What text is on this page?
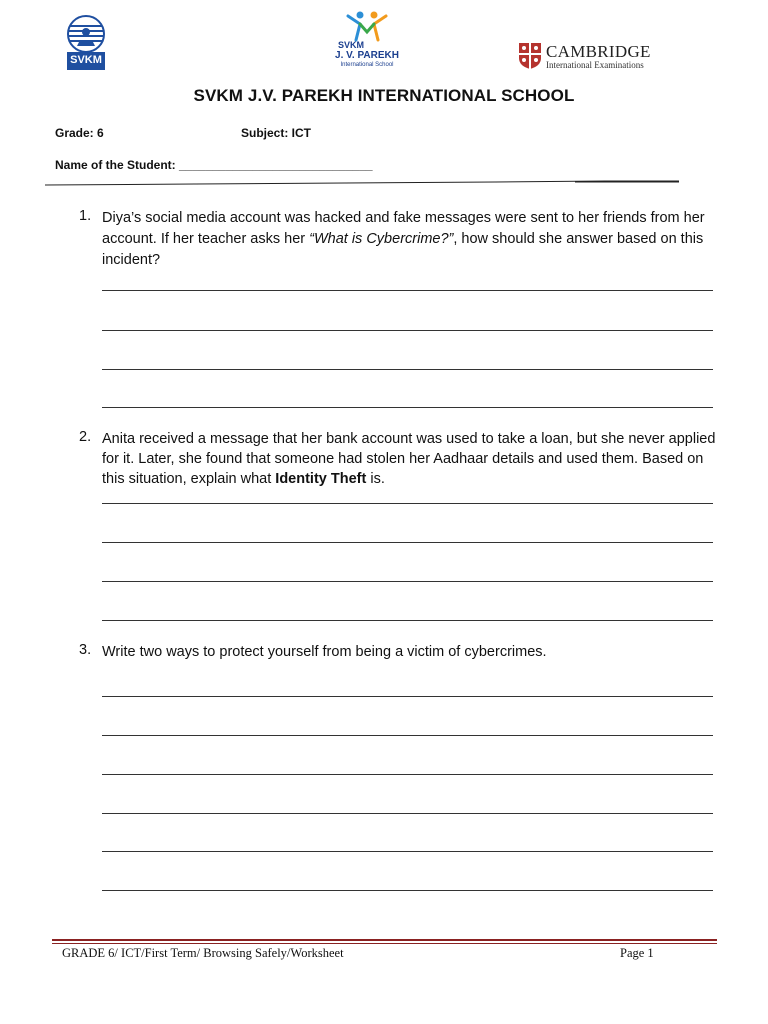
SVKM
SVKM
J. V. PAREKH
International School
CAMBRIDGE
International Examinations
SVKM J.V. PAREKH INTERNATIONAL SCHOOL
Grade: 6	Subject: ICT
Name of the Student: _____________________________
1. Diya’s social media account was hacked and fake messages were sent to her friends from her account. If her teacher asks her “What is Cybercrime?”, how should she answer based on this incident?
2. Anita received a message that her bank account was used to take a loan, but she never applied for it. Later, she found that someone had stolen her Aadhaar details and used them. Based on this situation, explain what Identity Theft is.
3. Write two ways to protect yourself from being a victim of cybercrimes.
GRADE 6/ ICT/First Term/ Browsing Safely/Worksheet	Page 1
